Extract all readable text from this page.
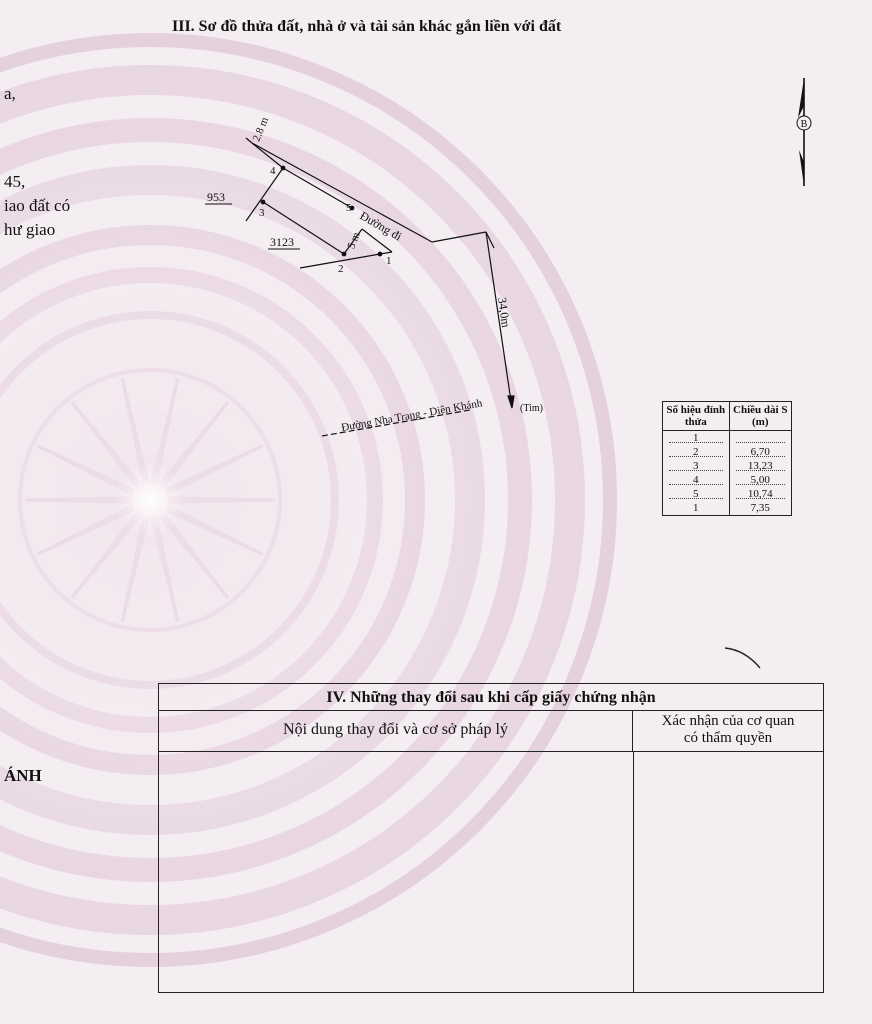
III. Sơ đồ thửa đất, nhà ở và tài sản khác gắn liền với đất
a,
45,
iao đất có
hư giao
ÁNH
B
2.8 m
5 m
34,0m
953
3123	Đường đi
Đường Nha Trang - Diên Khánh	(Tim)
1
2
3
4
5
Số hiệu đỉnh thửa	Chiều dài S (m)
1	
2	6,70
3	13,23
4	5,00
5	10,74
1	7,35
IV. Những thay đổi sau khi cấp giấy chứng nhận
Nội dung thay đổi và cơ sở pháp lý	Xác nhận của cơ quan
có thẩm quyền
